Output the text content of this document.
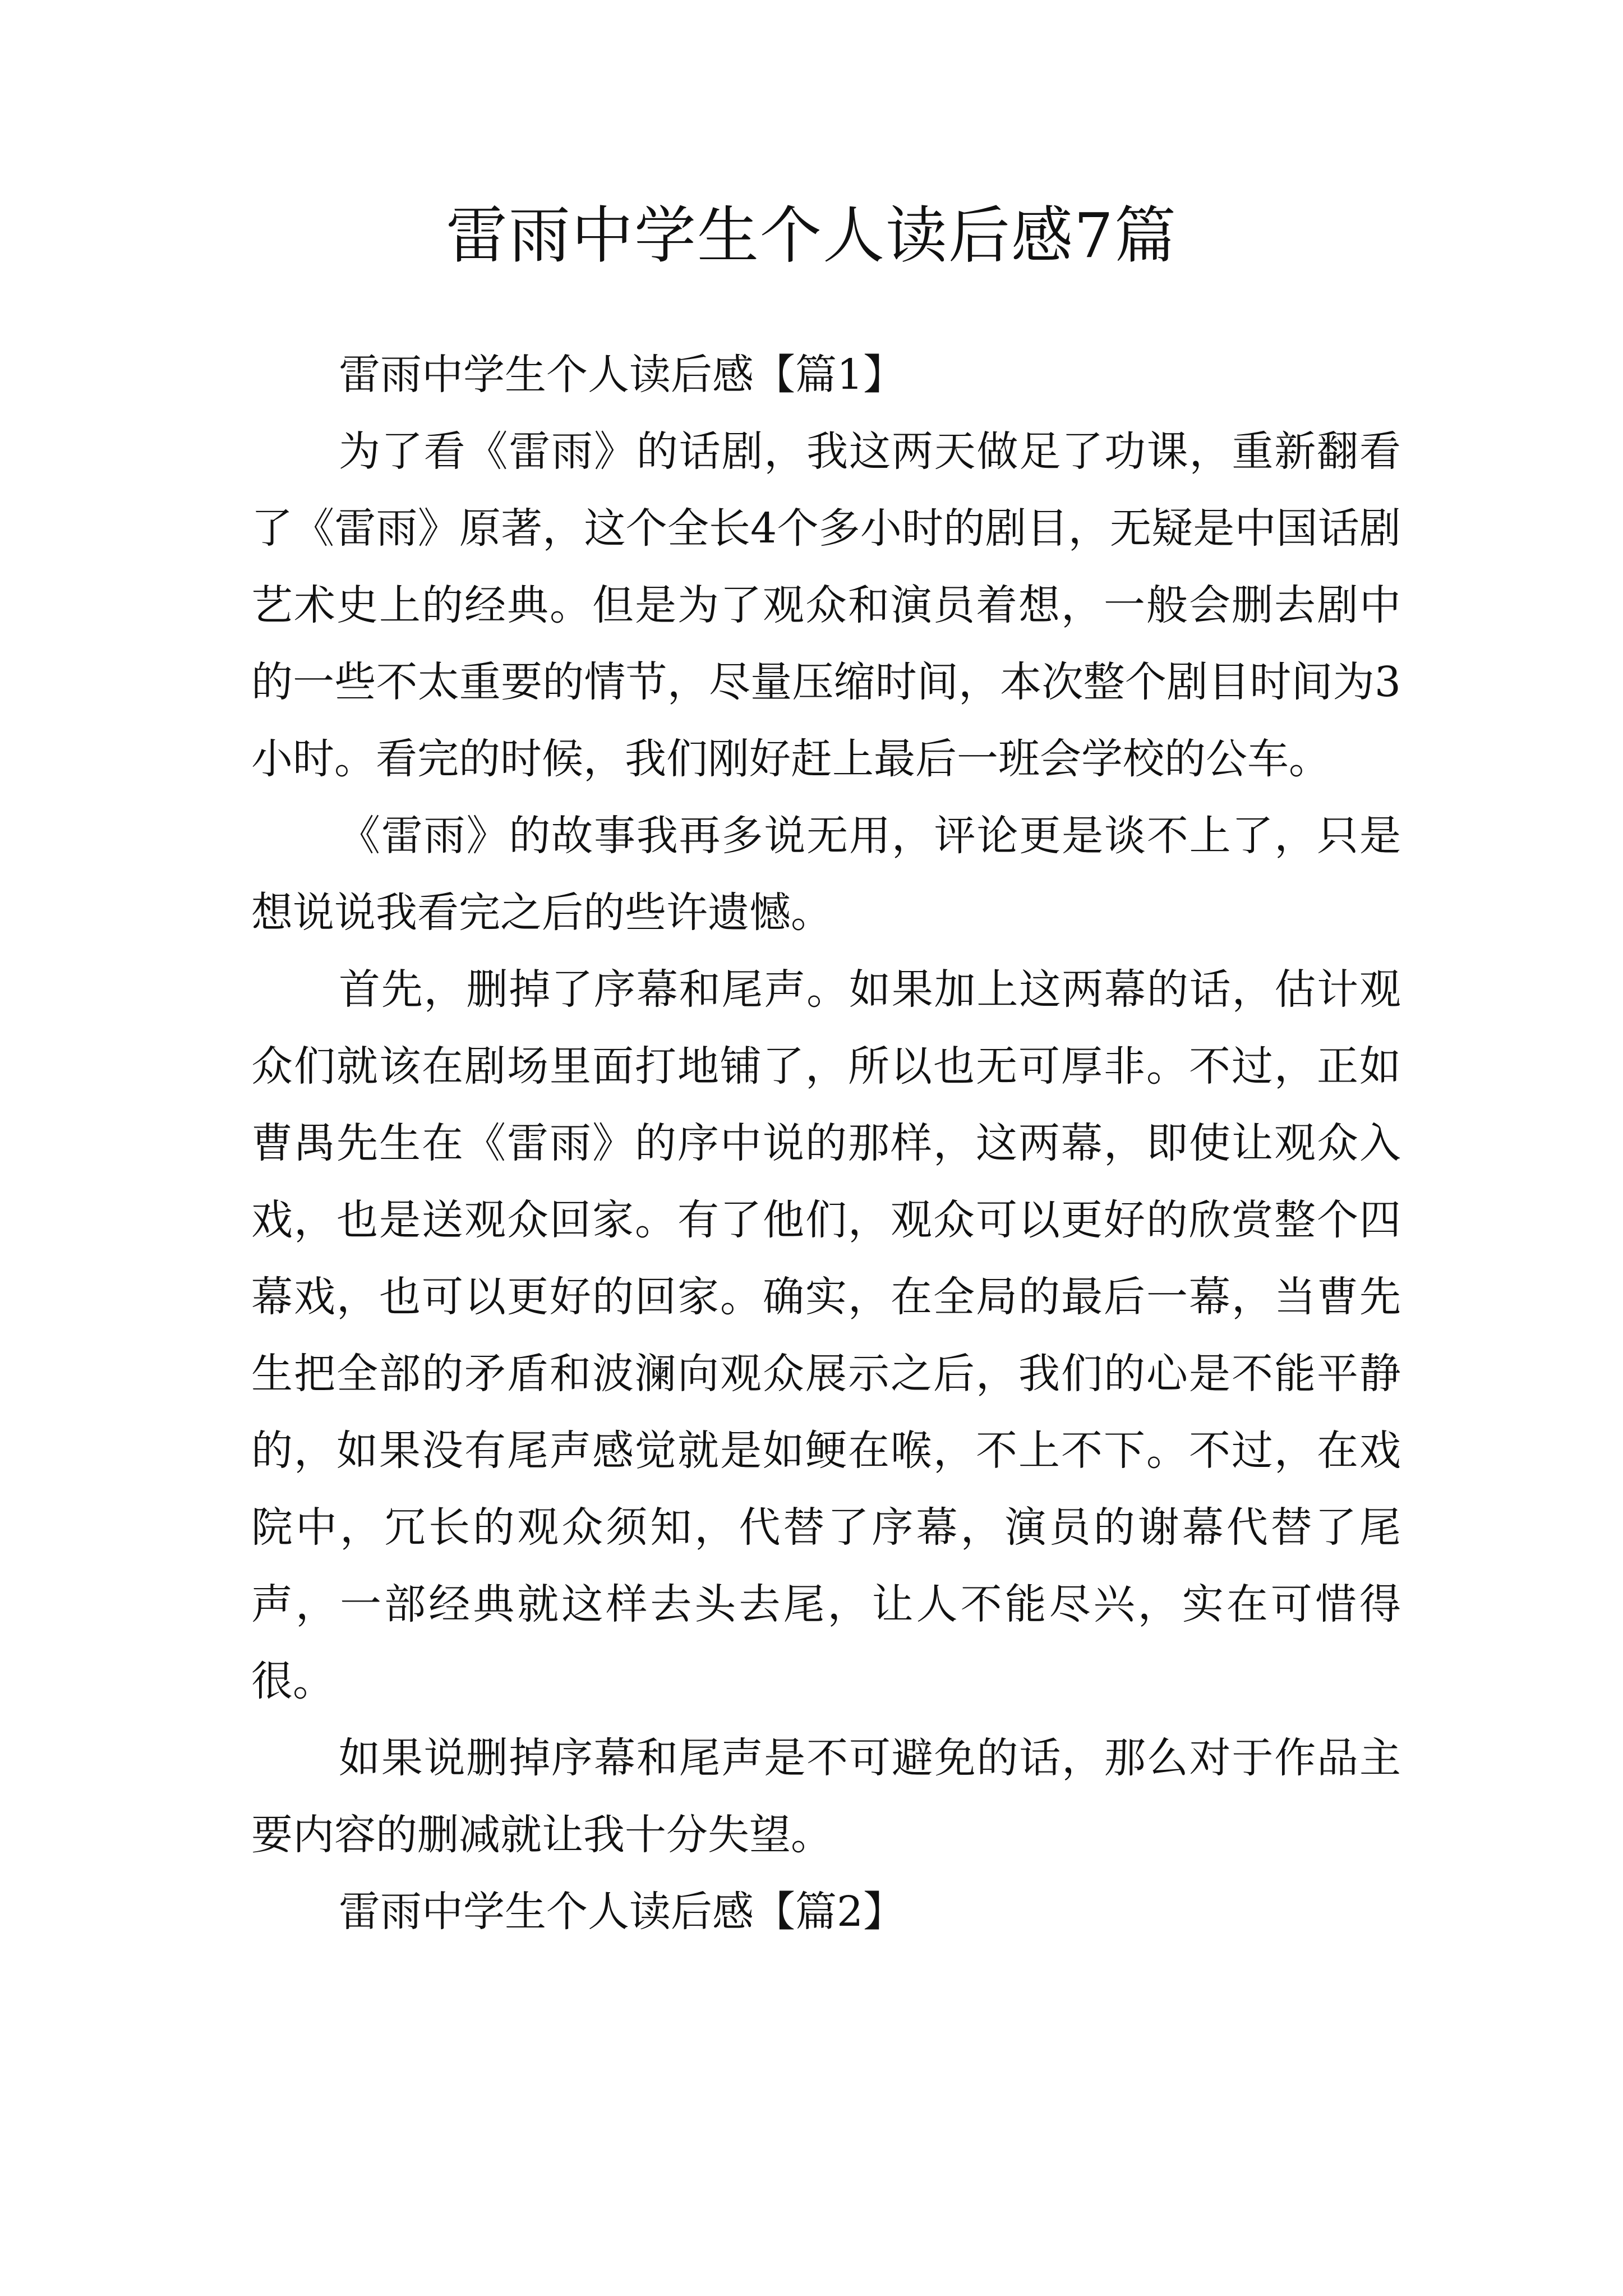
雷雨中学生个人读后感7篇

雷雨中学生个人读后感【篇1】

为了看《雷雨》的话剧，我这两天做足了功课，重新翻看了《雷雨》原著，这个全长4个多小时的剧目，无疑是中国话剧艺术史上的经典。但是为了观众和演员着想，一般会删去剧中的一些不太重要的情节，尽量压缩时间，本次整个剧目时间为3小时。看完的时候，我们刚好赶上最后一班会学校的公车。

《雷雨》的故事我再多说无用，评论更是谈不上了，只是想说说我看完之后的些许遗憾。

首先，删掉了序幕和尾声。如果加上这两幕的话，估计观众们就该在剧场里面打地铺了，所以也无可厚非。不过，正如曹禺先生在《雷雨》的序中说的那样，这两幕，即使让观众入戏，也是送观众回家。有了他们，观众可以更好的欣赏整个四幕戏，也可以更好的回家。确实，在全局的最后一幕，当曹先生把全部的矛盾和波澜向观众展示之后，我们的心是不能平静的，如果没有尾声感觉就是如鲠在喉，不上不下。不过，在戏院中，冗长的观众须知，代替了序幕，演员的谢幕代替了尾声，一部经典就这样去头去尾，让人不能尽兴，实在可惜得很。

如果说删掉序幕和尾声是不可避免的话，那么对于作品主要内容的删减就让我十分失望。

雷雨中学生个人读后感【篇2】
